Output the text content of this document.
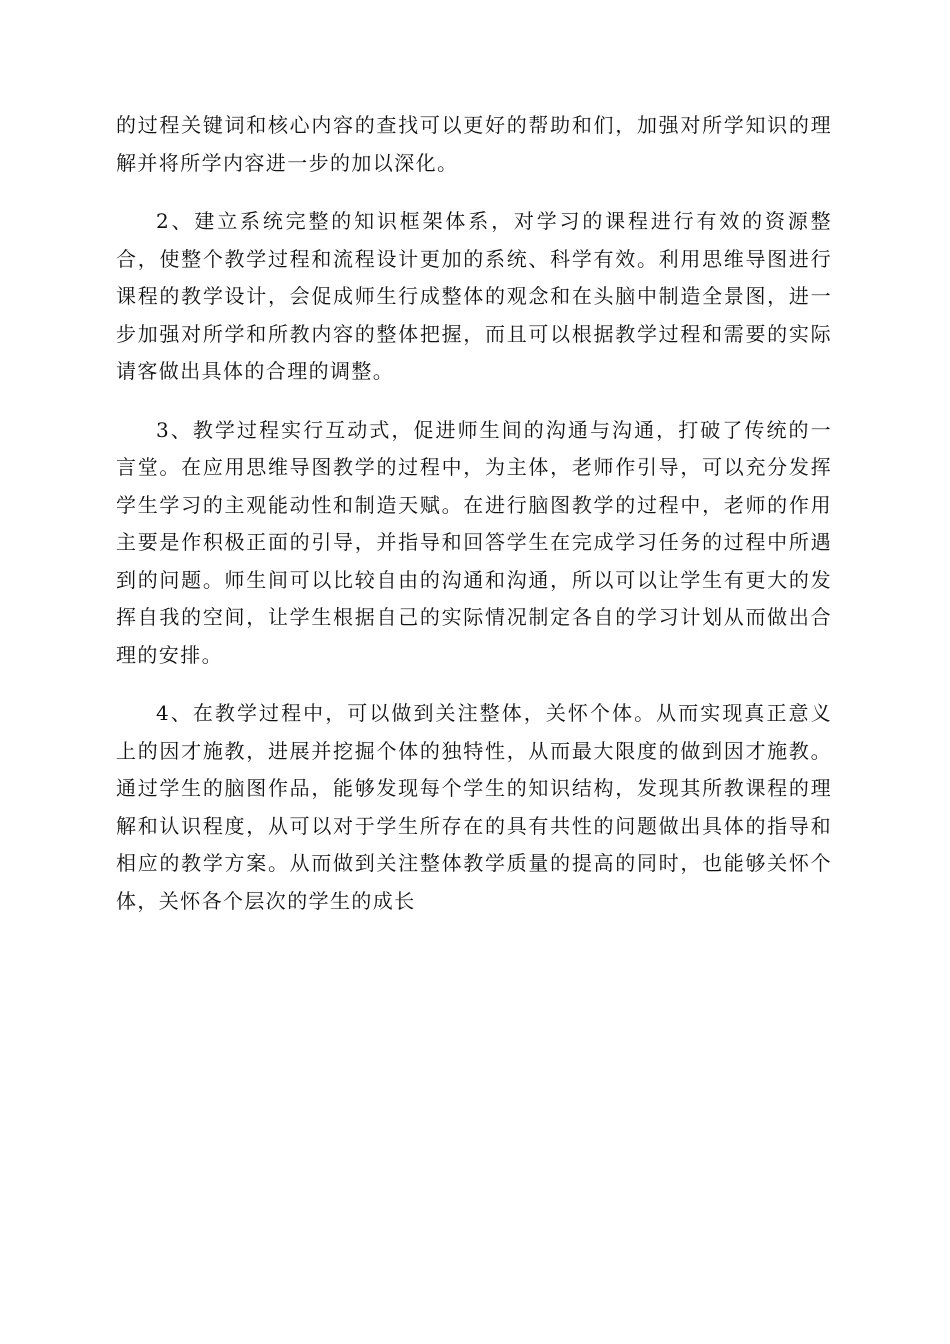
的过程关键词和核心内容的查找可以更好的帮助和们，加强对所学知识的理解并将所学内容进一步的加以深化。

2、建立系统完整的知识框架体系，对学习的课程进行有效的资源整合，使整个教学过程和流程设计更加的系统、科学有效。利用思维导图进行课程的教学设计，会促成师生行成整体的观念和在头脑中制造全景图，进一步加强对所学和所教内容的整体把握，而且可以根据教学过程和需要的实际请客做出具体的合理的调整。

3、教学过程实行互动式，促进师生间的沟通与沟通，打破了传统的一言堂。在应用思维导图教学的过程中，为主体，老师作引导，可以充分发挥学生学习的主观能动性和制造天赋。在进行脑图教学的过程中，老师的作用主要是作积极正面的引导，并指导和回答学生在完成学习任务的过程中所遇到的问题。师生间可以比较自由的沟通和沟通，所以可以让学生有更大的发挥自我的空间，让学生根据自己的实际情况制定各自的学习计划从而做出合理的安排。

4、在教学过程中，可以做到关注整体，关怀个体。从而实现真正意义上的因才施教，进展并挖掘个体的独特性，从而最大限度的做到因才施教。通过学生的脑图作品，能够发现每个学生的知识结构，发现其所教课程的理解和认识程度，从可以对于学生所存在的具有共性的问题做出具体的指导和相应的教学方案。从而做到关注整体教学质量的提高的同时，也能够关怀个体，关怀各个层次的学生的成长
